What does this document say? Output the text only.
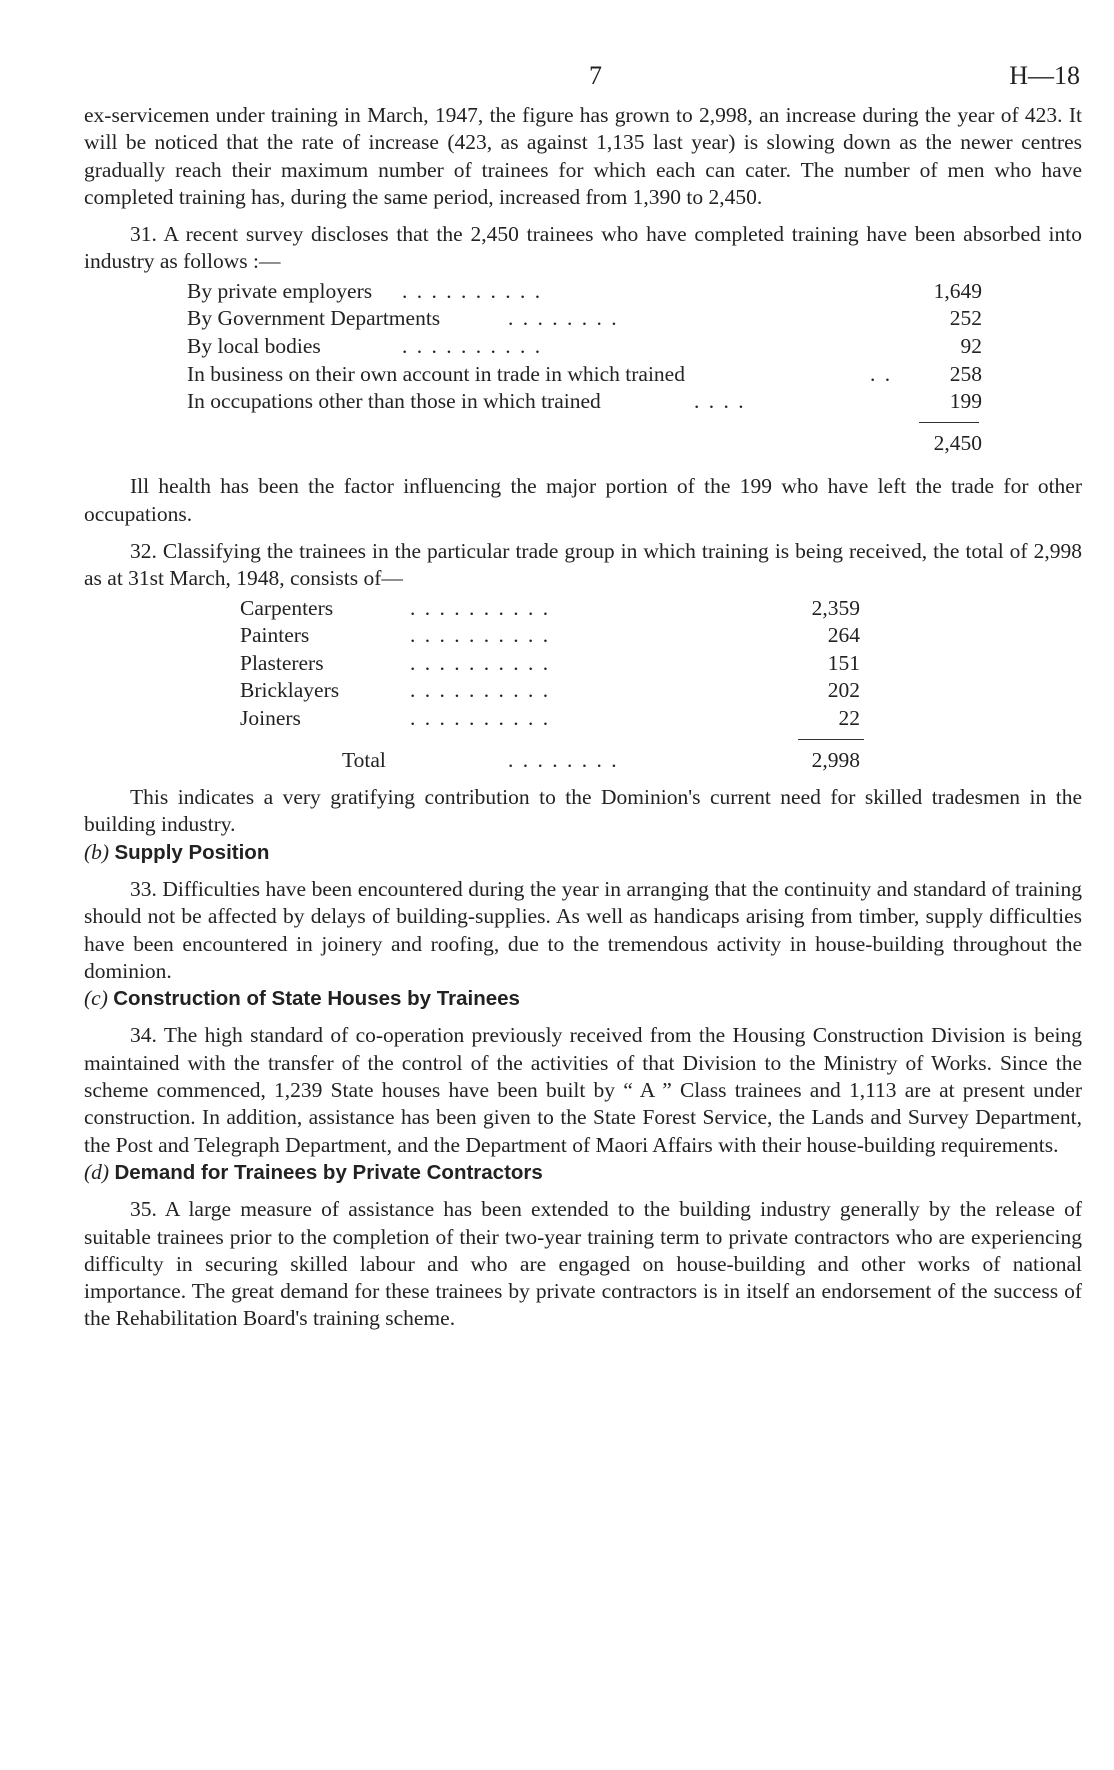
7	H—18

ex-servicemen under training in March, 1947, the figure has grown to 2,998, an increase during the year of 423. It will be noticed that the rate of increase (423, as against 1,135 last year) is slowing down as the newer centres gradually reach their maximum number of trainees for which each can cater. The number of men who have completed training has, during the same period, increased from 1,390 to 2,450.

31. A recent survey discloses that the 2,450 trainees who have completed training have been absorbed into industry as follows :—

By private employers . . . . . . . . . .	1,649
By Government Departments	. . . . . . . .	252
By local bodies	. . . . . . . . . .	92
In business on their own account in trade in which trained	. .	258
In occupations other than those in which trained	. . . .	199
2,450

Ill health has been the factor influencing the major portion of the 199 who have left the trade for other occupations.

32. Classifying the trainees in the particular trade group in which training is being received, the total of 2,998 as at 31st March, 1948, consists of—

Carpenters	. . . . . . . . . .	2,359
Painters	. . . . . . . . . .	264
Plasterers	. . . . . . . . . .	151
Bricklayers	. . . . . . . . . .	202
Joiners	. . . . . . . . . .	22
Total	. . . . . . . .	2,998

This indicates a very gratifying contribution to the Dominion's current need for skilled tradesmen in the building industry.

(b) Supply Position

33. Difficulties have been encountered during the year in arranging that the continuity and standard of training should not be affected by delays of building-supplies. As well as handicaps arising from timber, supply difficulties have been encountered in joinery and roofing, due to the tremendous activity in house-building throughout the dominion.

(c) Construction of State Houses by Trainees

34. The high standard of co-operation previously received from the Housing Construction Division is being maintained with the transfer of the control of the activities of that Division to the Ministry of Works. Since the scheme commenced, 1,239 State houses have been built by “ A ” Class trainees and 1,113 are at present under construction. In addition, assistance has been given to the State Forest Service, the Lands and Survey Department, the Post and Telegraph Department, and the Department of Maori Affairs with their house-building requirements.

(d) Demand for Trainees by Private Contractors

35. A large measure of assistance has been extended to the building industry generally by the release of suitable trainees prior to the completion of their two-year training term to private contractors who are experiencing difficulty in securing skilled labour and who are engaged on house-building and other works of national importance. The great demand for these trainees by private contractors is in itself an endorsement of the success of the Rehabilitation Board's training scheme.
